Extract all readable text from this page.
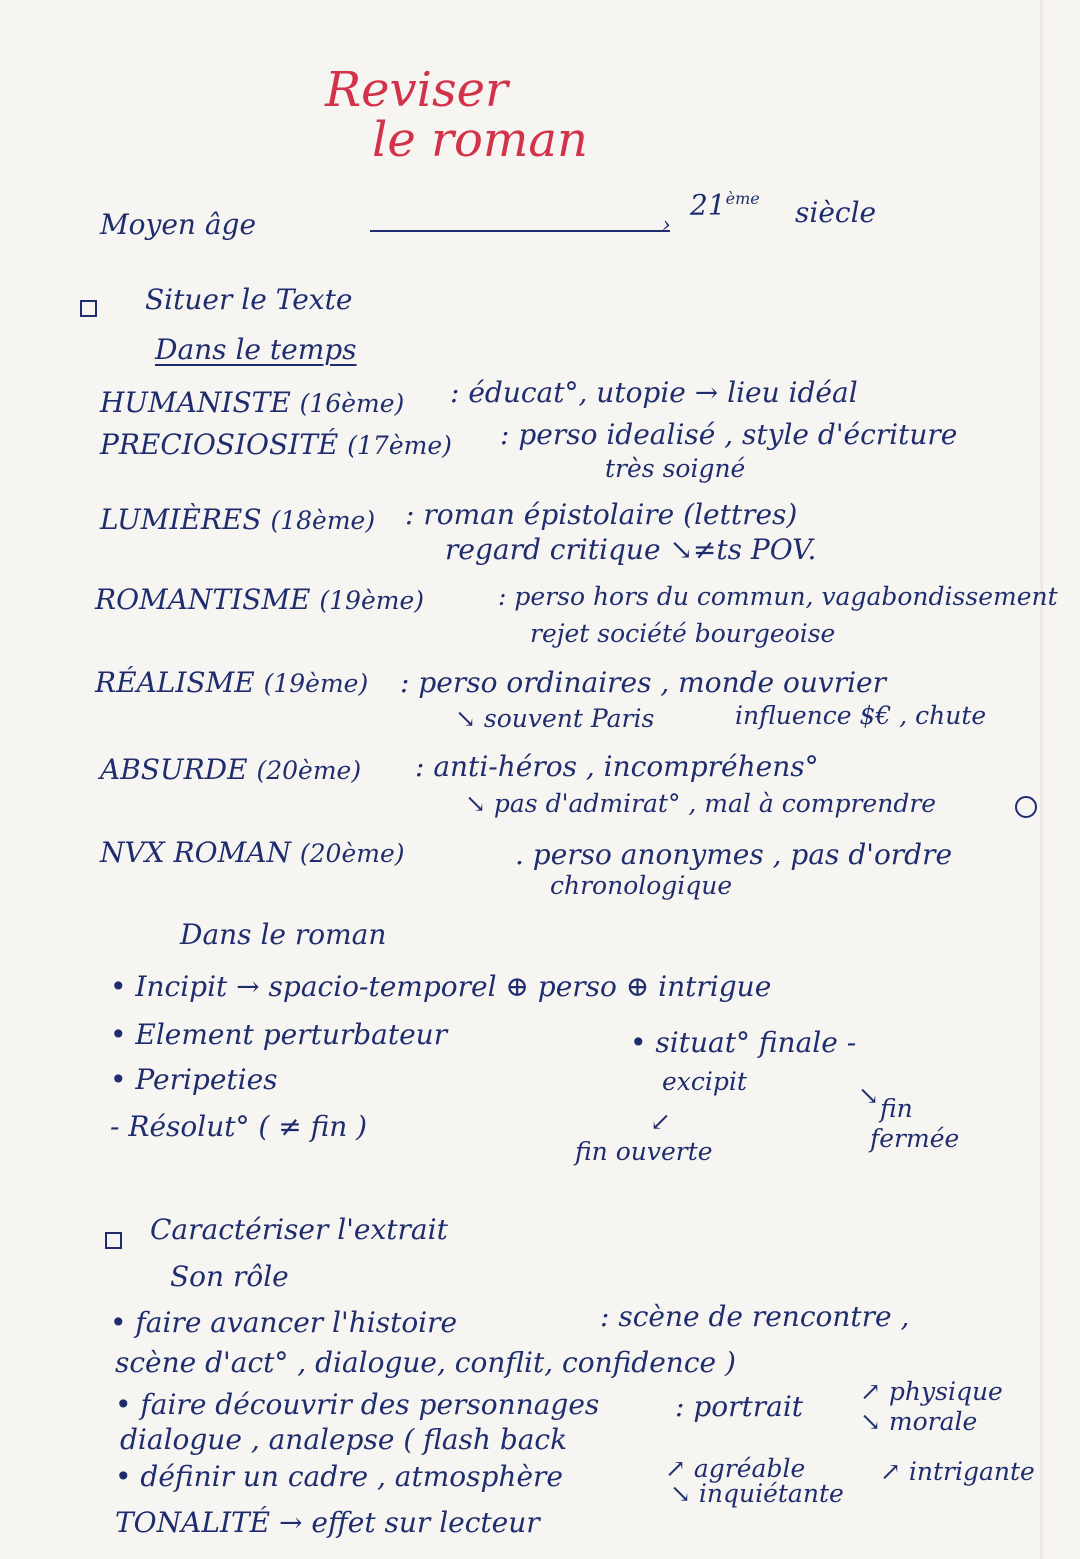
Reviser
le roman
Moyen âge	›
21ème siècle
Situer le Texte
Dans le temps
HUMANISTE (16ème) : éducat°, utopie → lieu idéal
PRECIOSIOSITÉ (17ème) : perso idealisé , style d'écriture
très soigné
LUMIÈRES (18ème) : roman épistolaire (lettres)
regard critique ↘≠ts POV.
ROMANTISME (19ème)	: perso hors du commun, vagabondissement
rejet société bourgeoise
RÉALISME (19ème) : perso ordinaires , monde ouvrier
↘ souvent Paris	influence $€ , chute
ABSURDE (20ème) : anti-héros , incompréhens°
↘ pas d'admirat° , mal à comprendre
NVX ROMAN (20ème)	. perso anonymes , pas d'ordre
chronologique
Dans le roman
• Incipit → spacio-temporel ⊕ perso ⊕ intrigue
• Element perturbateur
• Peripeties
- Résolut° ( ≠ fin )
• situat° finale -
excipit
↙
fin ouverte
↘ fin
fermée
Caractériser l'extrait
Son rôle
• faire avancer l'histoire	: scène de rencontre ,
scène d'act° , dialogue, conflit, confidence )
• faire découvrir des personnages	: portrait ↗ physique
↘ morale
dialogue , analepse ( flash back
• définir un cadre , atmosphère	↗ agréable
↘ inquiétante
↗ intrigante
TONALITÉ → effet sur lecteur
